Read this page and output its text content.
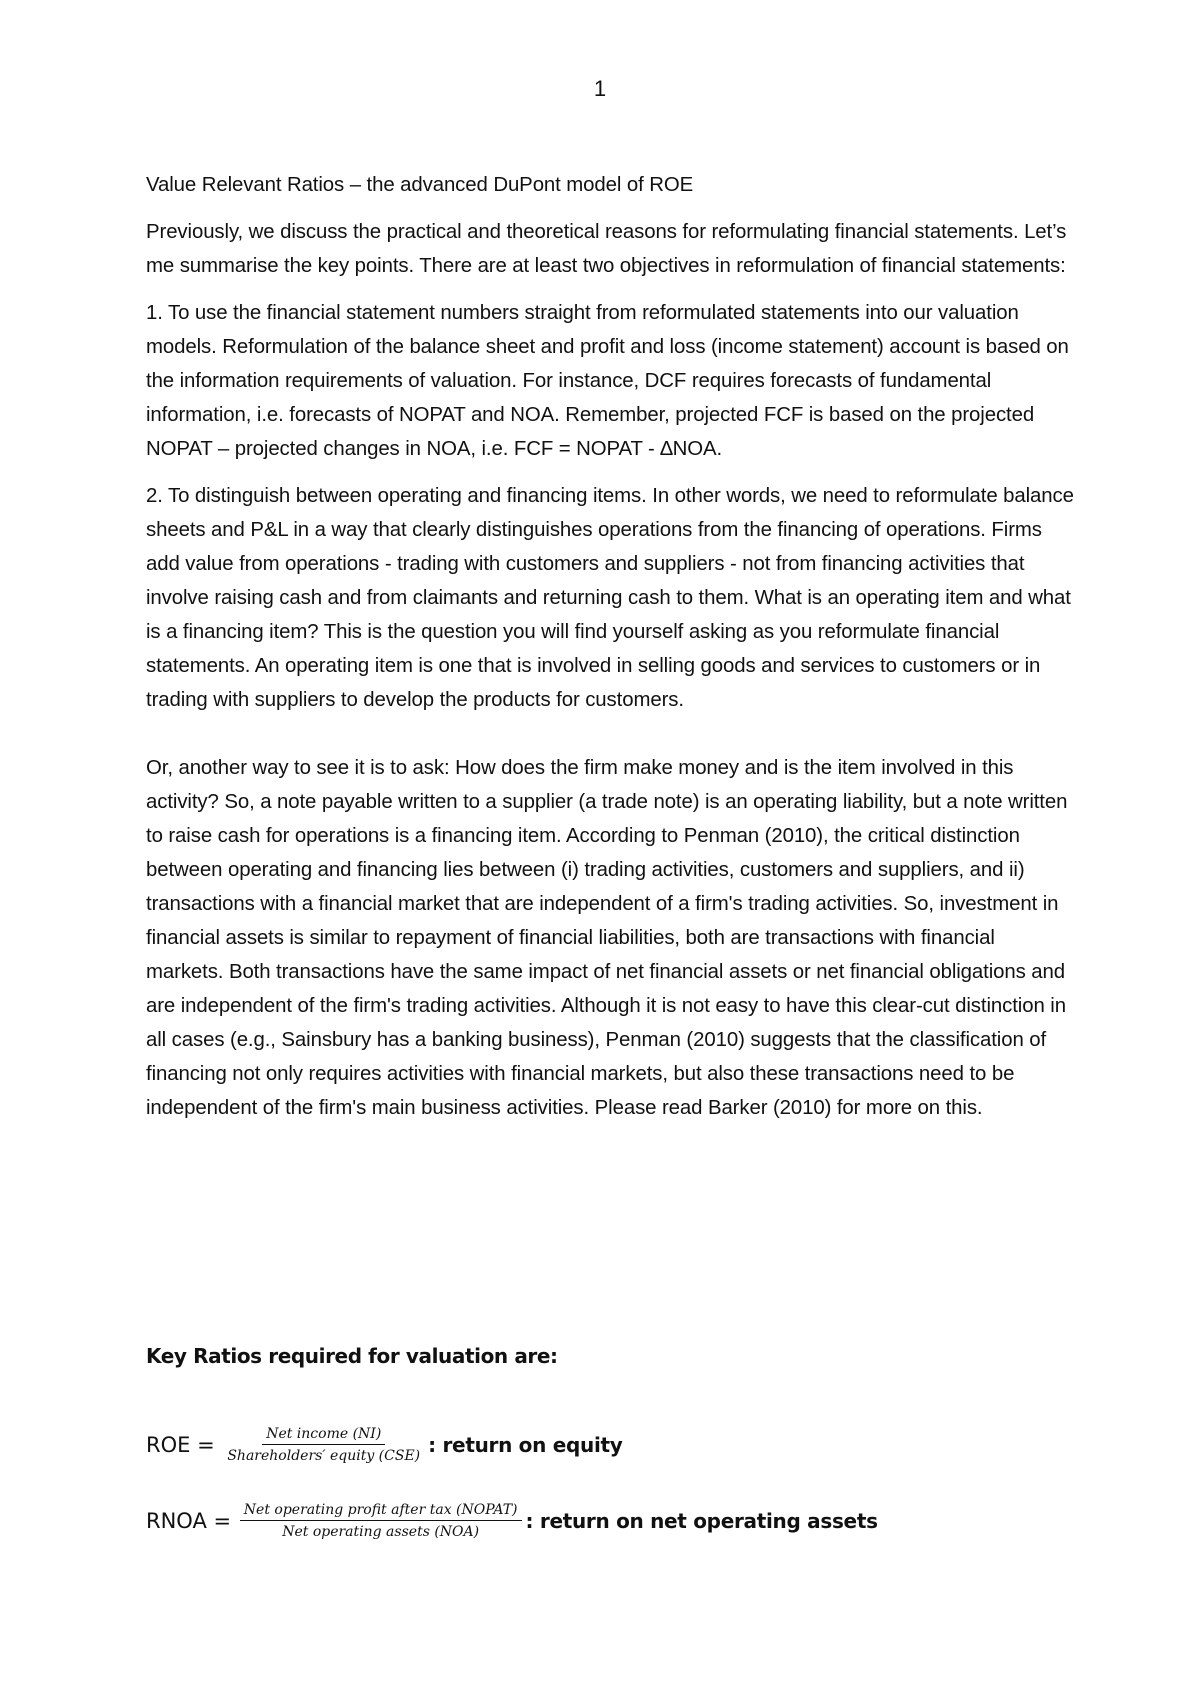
1

Value Relevant Ratios – the advanced DuPont model of ROE

Previously, we discuss the practical and theoretical reasons for reformulating financial statements. Let’s me summarise the key points. There are at least two objectives in reformulation of financial statements:

1. To use the financial statement numbers straight from reformulated statements into our valuation models. Reformulation of the balance sheet and profit and loss (income statement) account is based on the information requirements of valuation. For instance, DCF requires forecasts of fundamental information, i.e. forecasts of NOPAT and NOA. Remember, projected FCF is based on the projected NOPAT – projected changes in NOA, i.e. FCF = NOPAT - ∆NOA.

2. To distinguish between operating and financing items. In other words, we need to reformulate balance sheets and P&L in a way that clearly distinguishes operations from the financing of operations. Firms add value from operations - trading with customers and suppliers - not from financing activities that involve raising cash and from claimants and returning cash to them. What is an operating item and what is a financing item? This is the question you will find yourself asking as you reformulate financial statements. An operating item is one that is involved in selling goods and services to customers or in trading with suppliers to develop the products for customers.

Or, another way to see it is to ask: How does the firm make money and is the item involved in this activity? So, a note payable written to a supplier (a trade note) is an operating liability, but a note written to raise cash for operations is a financing item. According to Penman (2010), the critical distinction between operating and financing lies between (i) trading activities, customers and suppliers, and ii) transactions with a financial market that are independent of a firm's trading activities. So, investment in financial assets is similar to repayment of financial liabilities, both are transactions with financial markets. Both transactions have the same impact of net financial assets or net financial obligations and are independent of the firm's trading activities. Although it is not easy to have this clear-cut distinction in all cases (e.g., Sainsbury has a banking business), Penman (2010) suggests that the classification of financing not only requires activities with financial markets, but also these transactions need to be independent of the firm's main business activities. Please read Barker (2010) for more on this.

Key Ratios required for valuation are:
ROE = $\frac{\text{Net income (NI)}}{\text{Shareholders′ equity (CSE)}}$ : return on equity
RNOA = $\frac{\text{Net operating profit after tax (NOPAT)}}{\text{Net operating assets (NOA)}}$ : return on net operating assets
